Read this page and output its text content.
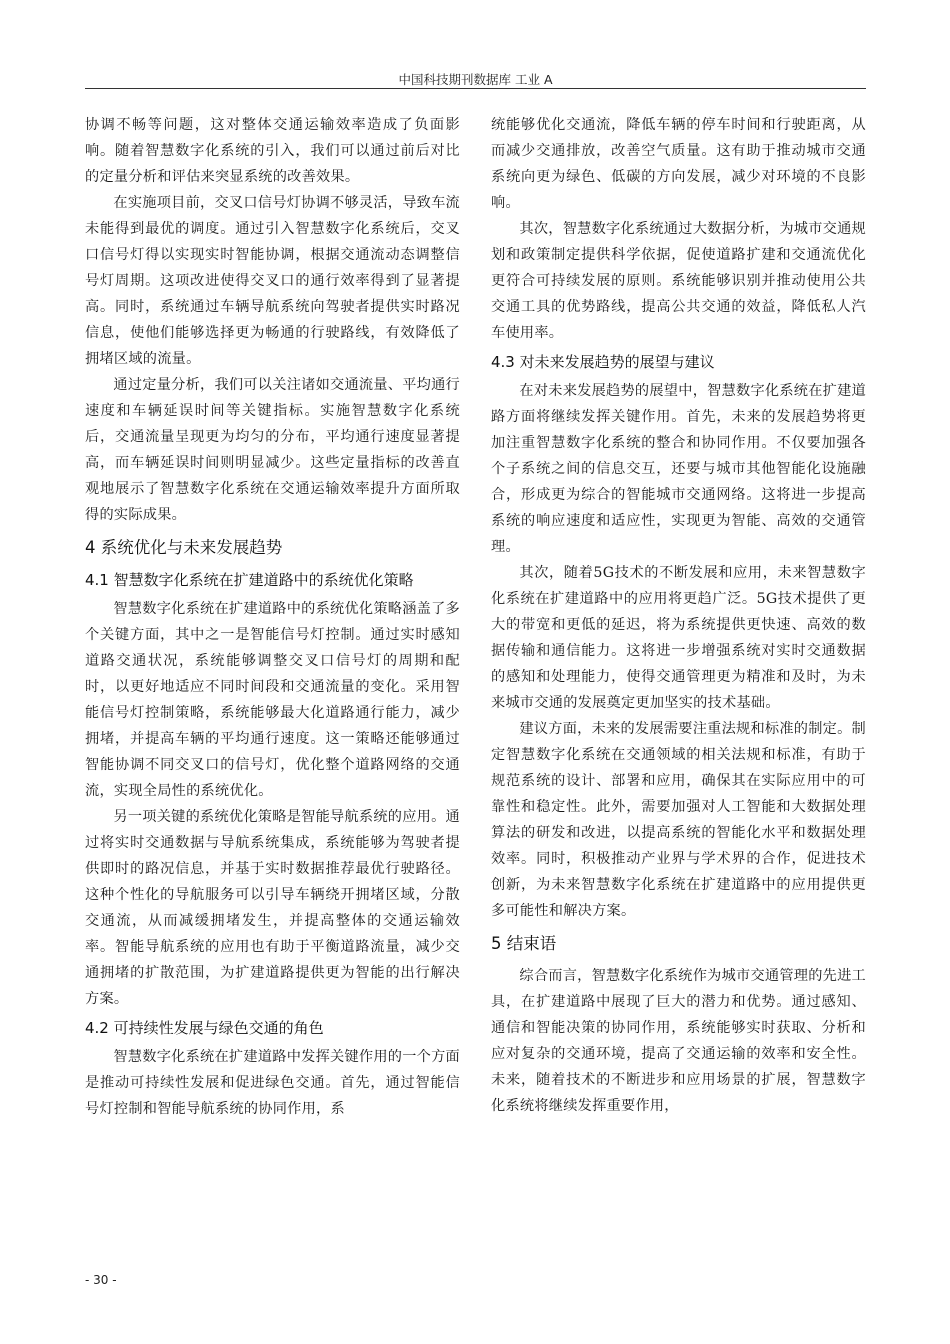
中国科技期刊数据库 工业 A

协调不畅等问题，这对整体交通运输效率造成了负面影响。随着智慧数字化系统的引入，我们可以通过前后对比的定量分析和评估来突显系统的改善效果。

在实施项目前，交叉口信号灯协调不够灵活，导致车流未能得到最优的调度。通过引入智慧数字化系统后，交叉口信号灯得以实现实时智能协调，根据交通流动态调整信号灯周期。这项改进使得交叉口的通行效率得到了显著提高。同时，系统通过车辆导航系统向驾驶者提供实时路况信息，使他们能够选择更为畅通的行驶路线，有效降低了拥堵区域的流量。

通过定量分析，我们可以关注诸如交通流量、平均通行速度和车辆延误时间等关键指标。实施智慧数字化系统后，交通流量呈现更为均匀的分布，平均通行速度显著提高，而车辆延误时间则明显减少。这些定量指标的改善直观地展示了智慧数字化系统在交通运输效率提升方面所取得的实际成果。

4 系统优化与未来发展趋势
4.1 智慧数字化系统在扩建道路中的系统优化策略

智慧数字化系统在扩建道路中的系统优化策略涵盖了多个关键方面，其中之一是智能信号灯控制。通过实时感知道路交通状况，系统能够调整交叉口信号灯的周期和配时，以更好地适应不同时间段和交通流量的变化。采用智能信号灯控制策略，系统能够最大化道路通行能力，减少拥堵，并提高车辆的平均通行速度。这一策略还能够通过智能协调不同交叉口的信号灯，优化整个道路网络的交通流，实现全局性的系统优化。

另一项关键的系统优化策略是智能导航系统的应用。通过将实时交通数据与导航系统集成，系统能够为驾驶者提供即时的路况信息，并基于实时数据推荐最优行驶路径。这种个性化的导航服务可以引导车辆绕开拥堵区域，分散交通流，从而减缓拥堵发生，并提高整体的交通运输效率。智能导航系统的应用也有助于平衡道路流量，减少交通拥堵的扩散范围，为扩建道路提供更为智能的出行解决方案。

4.2 可持续性发展与绿色交通的角色

智慧数字化系统在扩建道路中发挥关键作用的一个方面是推动可持续性发展和促进绿色交通。首先，通过智能信号灯控制和智能导航系统的协同作用，系

统能够优化交通流，降低车辆的停车时间和行驶距离，从而减少交通排放，改善空气质量。这有助于推动城市交通系统向更为绿色、低碳的方向发展，减少对环境的不良影响。

其次，智慧数字化系统通过大数据分析，为城市交通规划和政策制定提供科学依据，促使道路扩建和交通流优化更符合可持续发展的原则。系统能够识别并推动使用公共交通工具的优势路线，提高公共交通的效益，降低私人汽车使用率。

4.3 对未来发展趋势的展望与建议

在对未来发展趋势的展望中，智慧数字化系统在扩建道路方面将继续发挥关键作用。首先，未来的发展趋势将更加注重智慧数字化系统的整合和协同作用。不仅要加强各个子系统之间的信息交互，还要与城市其他智能化设施融合，形成更为综合的智能城市交通网络。这将进一步提高系统的响应速度和适应性，实现更为智能、高效的交通管理。

其次，随着5G技术的不断发展和应用，未来智慧数字化系统在扩建道路中的应用将更趋广泛。5G技术提供了更大的带宽和更低的延迟，将为系统提供更快速、高效的数据传输和通信能力。这将进一步增强系统对实时交通数据的感知和处理能力，使得交通管理更为精准和及时，为未来城市交通的发展奠定更加坚实的技术基础。

建议方面，未来的发展需要注重法规和标准的制定。制定智慧数字化系统在交通领域的相关法规和标准，有助于规范系统的设计、部署和应用，确保其在实际应用中的可靠性和稳定性。此外，需要加强对人工智能和大数据处理算法的研发和改进，以提高系统的智能化水平和数据处理效率。同时，积极推动产业界与学术界的合作，促进技术创新，为未来智慧数字化系统在扩建道路中的应用提供更多可能性和解决方案。

5 结束语

综合而言，智慧数字化系统作为城市交通管理的先进工具，在扩建道路中展现了巨大的潜力和优势。通过感知、通信和智能决策的协同作用，系统能够实时获取、分析和应对复杂的交通环境，提高了交通运输的效率和安全性。未来，随着技术的不断进步和应用场景的扩展，智慧数字化系统将继续发挥重要作用，

- 30 -
